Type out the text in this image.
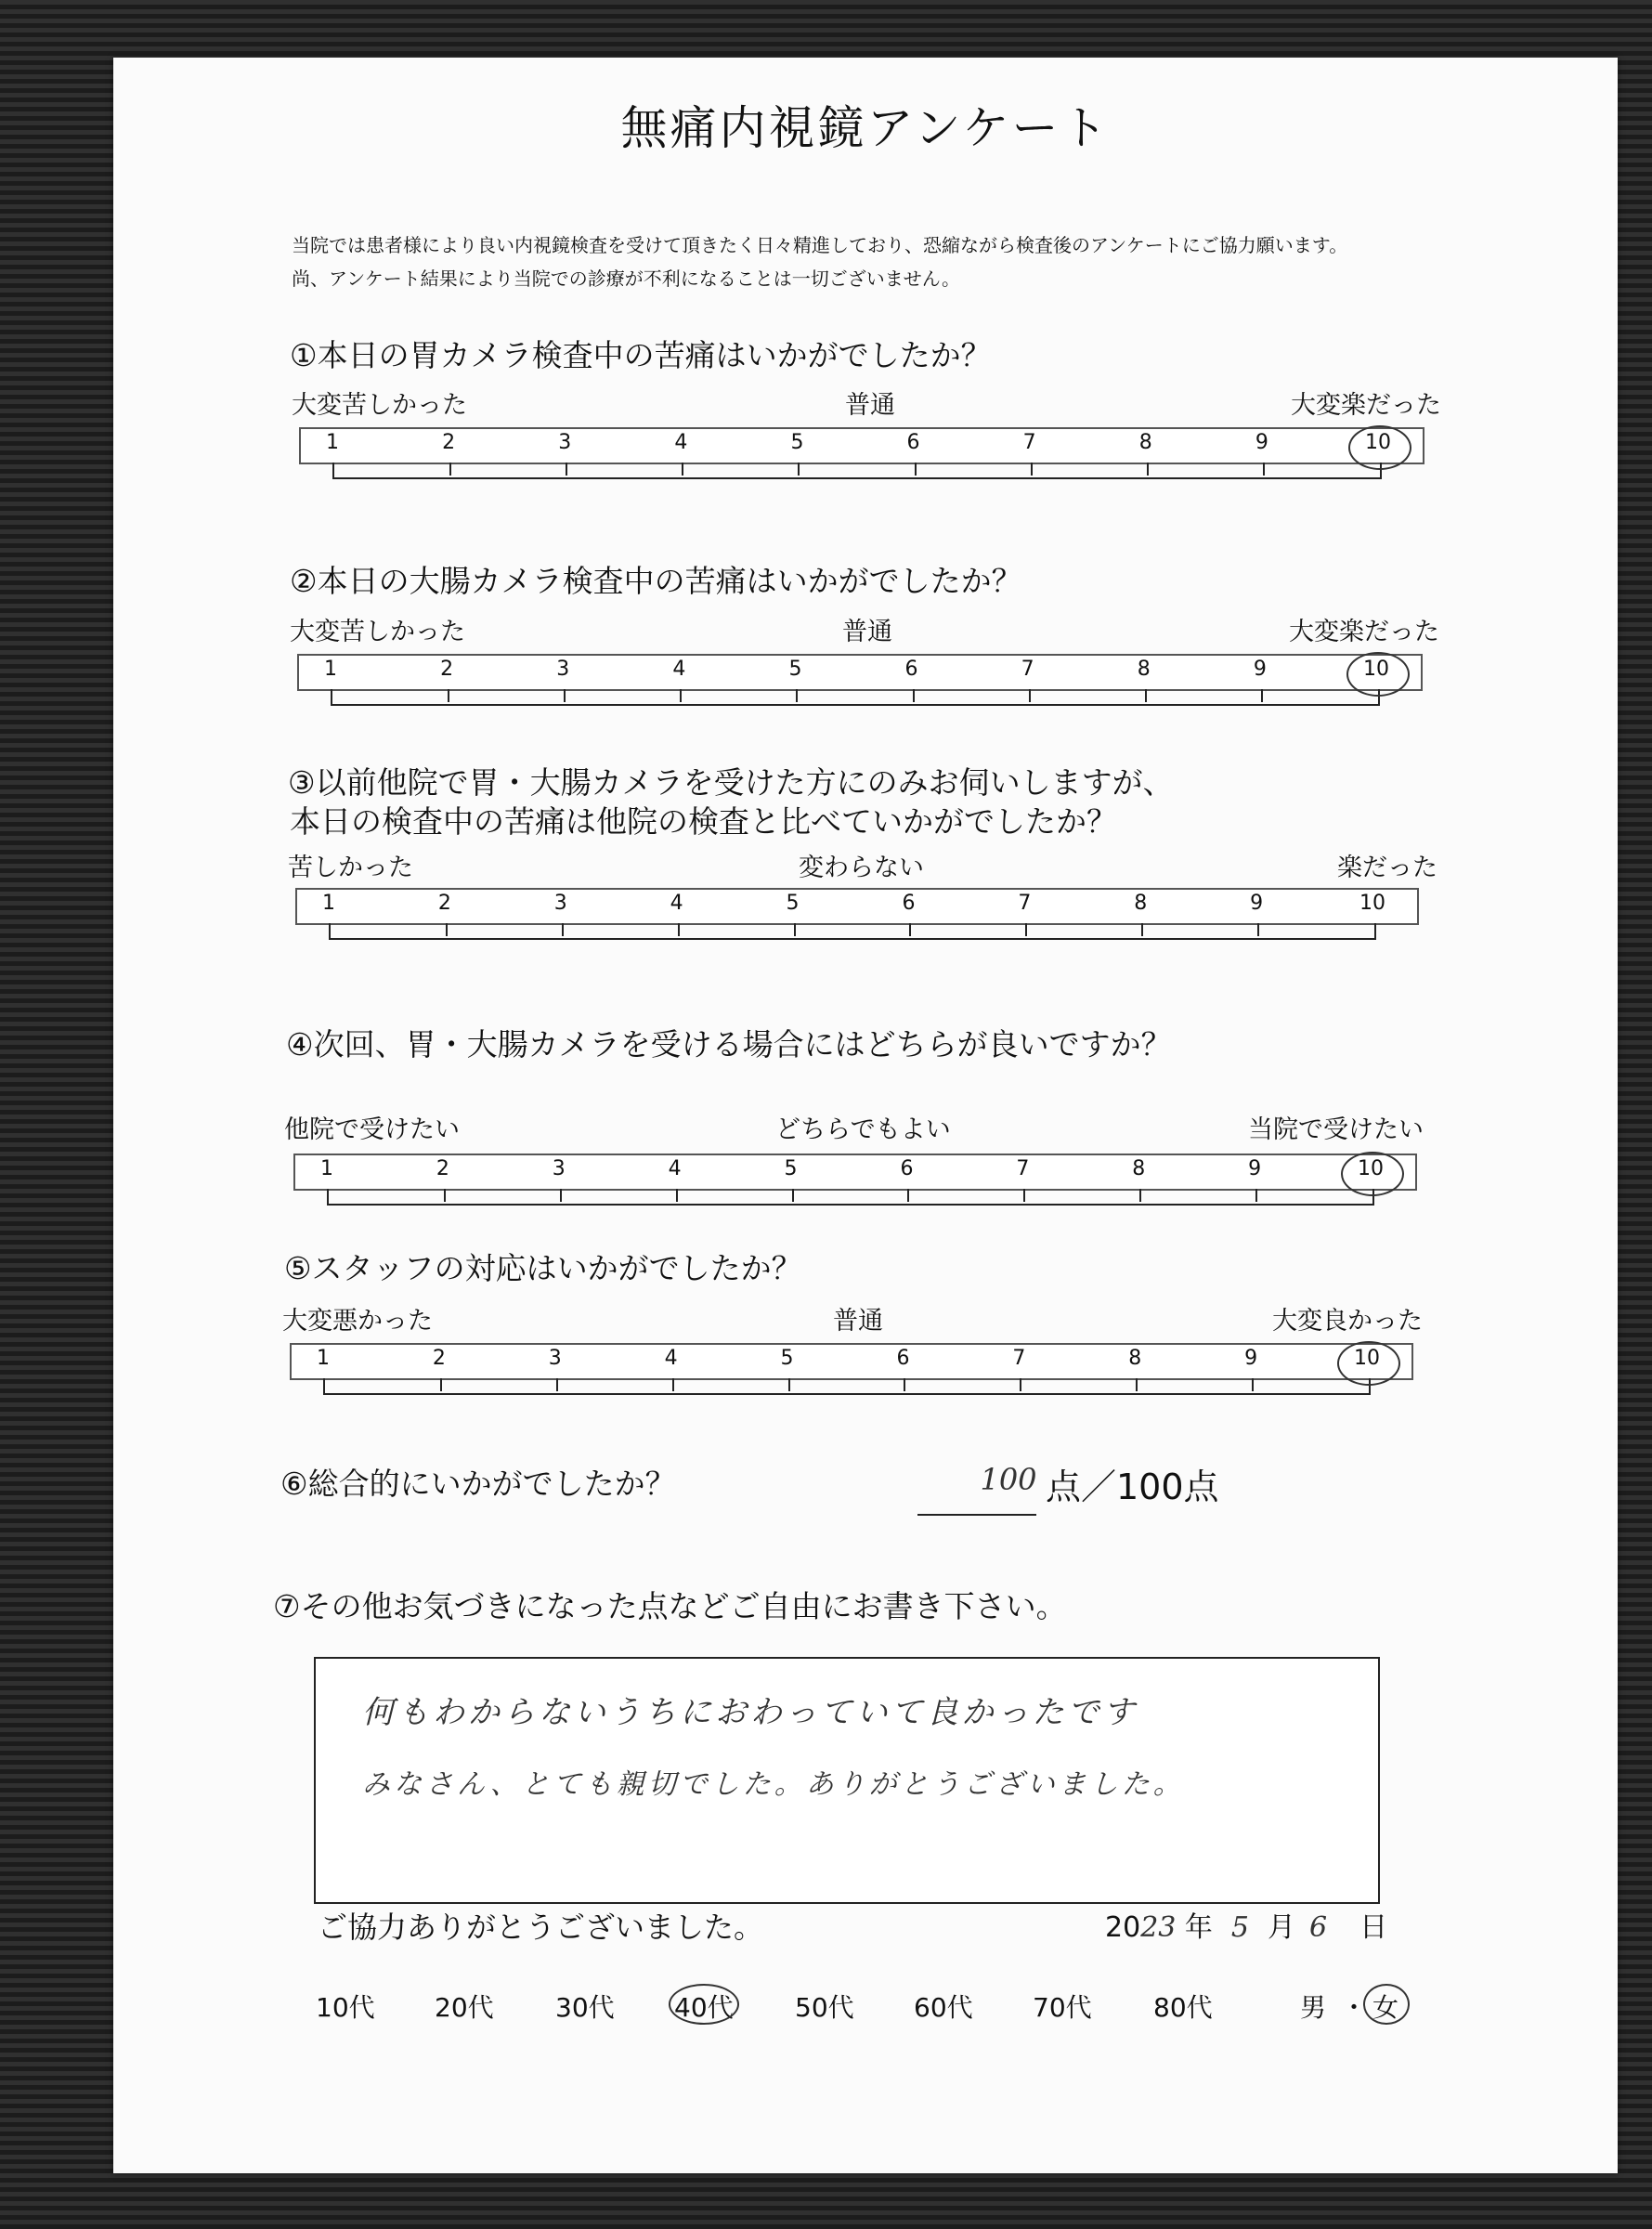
無痛内視鏡アンケート
当院では患者様により良い内視鏡検査を受けて頂きたく日々精進しており、恐縮ながら検査後のアンケートにご協力願います。
尚、アンケート結果により当院での診療が不利になることは一切ございません。
①本日の胃カメラ検査中の苦痛はいかがでしたか？
大変苦しかった	普通	大変楽だった
②本日の大腸カメラ検査中の苦痛はいかがでしたか？
大変苦しかった	普通	大変楽だった
③以前他院で胃・大腸カメラを受けた方にのみお伺いしますが、
本日の検査中の苦痛は他院の検査と比べていかがでしたか？
苦しかった	変わらない	楽だった
④次回、胃・大腸カメラを受ける場合にはどちらが良いですか？
他院で受けたい	どちらでもよい	当院で受けたい
⑤スタッフの対応はいかがでしたか？
大変悪かった	普通	大変良かった
⑥総合的にいかがでしたか？	100 点／100点
⑦その他お気づきになった点などご自由にお書き下さい。
何もわからないうちにおわっていて良かったです
みなさん、とても親切でした。ありがとうございました。
ご協力ありがとうございました。	2023 年 5 月 6 日
10代 20代 30代 40代 50代 60代 70代 80代	男 ・ 女
1	2	3	4	5	6	7	8	9	10
1	2	3	4	5	6	7	8	9	10
1	2	3	4	5	6	7	8	9	10
1	2	3	4	5	6	7	8	9	10
1	2	3	4	5	6	7	8	9	10
